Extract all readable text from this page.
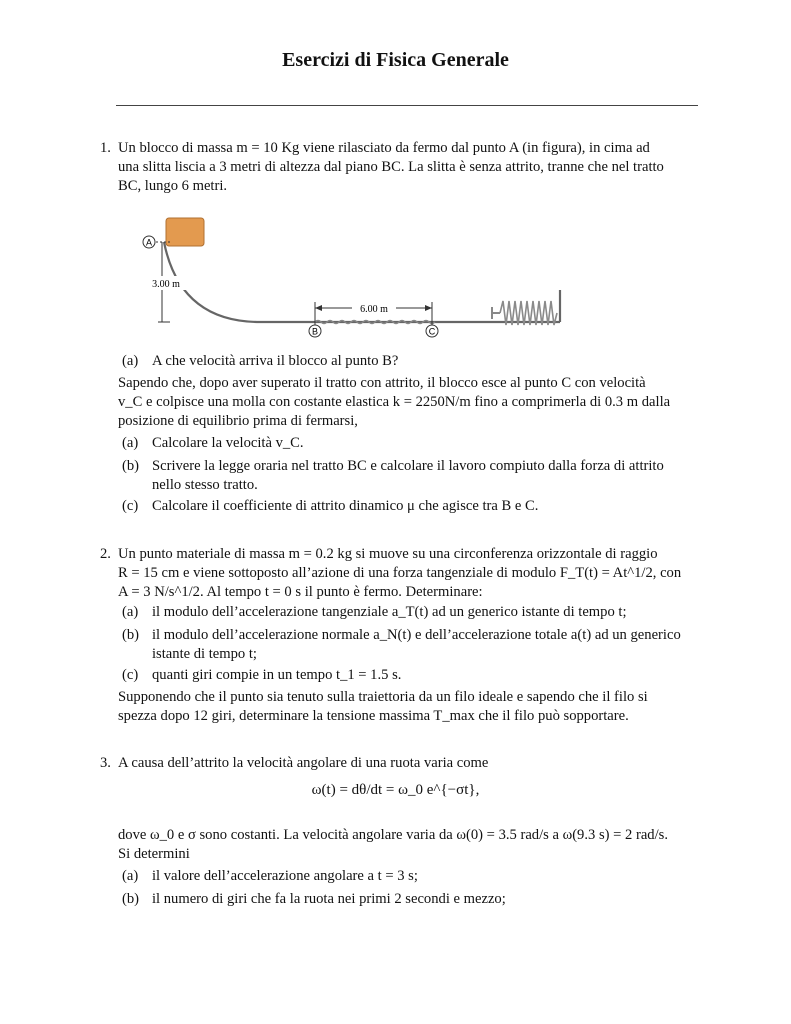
Esercizi di Fisica Generale
1. Un blocco di massa m = 10 Kg viene rilasciato da fermo dal punto A (in figura), in cima ad
una slitta liscia a 3 metri di altezza dal piano BC. La slitta è senza attrito, tranne che nel tratto
BC, lungo 6 metri.
A
3.00 m
6.00 m
B	C
(a) A che velocità arriva il blocco al punto B?
Sapendo che, dopo aver superato il tratto con attrito, il blocco esce al punto C con velocità
v_C e colpisce una molla con costante elastica k = 2250N/m fino a comprimerla di 0.3 m dalla
posizione di equilibrio prima di fermarsi,
(a) Calcolare la velocità v_C.
(b) Scrivere la legge oraria nel tratto BC e calcolare il lavoro compiuto dalla forza di attrito
nello stesso tratto.
(c) Calcolare il coefficiente di attrito dinamico μ che agisce tra B e C.
2. Un punto materiale di massa m = 0.2 kg si muove su una circonferenza orizzontale di raggio
R = 15 cm e viene sottoposto all’azione di una forza tangenziale di modulo F_T(t) = At^1/2, con
A = 3 N/s^1/2. Al tempo t = 0 s il punto è fermo. Determinare:
(a) il modulo dell’accelerazione tangenziale a_T(t) ad un generico istante di tempo t;
(b) il modulo dell’accelerazione normale a_N(t) e dell’accelerazione totale a(t) ad un generico
istante di tempo t;
(c) quanti giri compie in un tempo t_1 = 1.5 s.
Supponendo che il punto sia tenuto sulla traiettoria da un filo ideale e sapendo che il filo si
spezza dopo 12 giri, determinare la tensione massima T_max che il filo può sopportare.
3. A causa dell’attrito la velocità angolare di una ruota varia come
ω(t) = dθ/dt = ω_0 e^{−σt},
dove ω_0 e σ sono costanti. La velocità angolare varia da ω(0) = 3.5 rad/s a ω(9.3 s) = 2 rad/s.
Si determini
(a) il valore dell’accelerazione angolare a t = 3 s;
(b) il numero di giri che fa la ruota nei primi 2 secondi e mezzo;
